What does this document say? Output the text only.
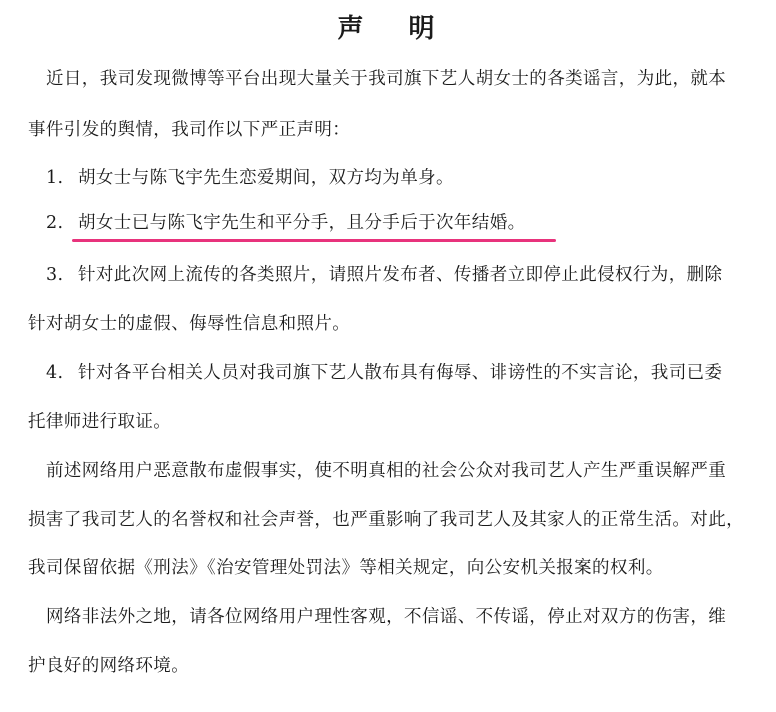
声 明
近日，我司发现微博等平台出现大量关于我司旗下艺人胡女士的各类谣言，为此，就本
事件引发的舆情，我司作以下严正声明：
1. 胡女士与陈飞宇先生恋爱期间，双方均为单身。
2. 胡女士已与陈飞宇先生和平分手，且分手后于次年结婚。
3. 针对此次网上流传的各类照片，请照片发布者、传播者立即停止此侵权行为，删除
针对胡女士的虚假、侮辱性信息和照片。
4. 针对各平台相关人员对我司旗下艺人散布具有侮辱、诽谤性的不实言论，我司已委
托律师进行取证。
前述网络用户恶意散布虚假事实，使不明真相的社会公众对我司艺人产生严重误解严重
损害了我司艺人的名誉权和社会声誉，也严重影响了我司艺人及其家人的正常生活。对此，
我司保留依据《刑法》《治安管理处罚法》等相关规定，向公安机关报案的权利。
网络非法外之地，请各位网络用户理性客观，不信谣、不传谣，停止对双方的伤害，维
护良好的网络环境。
